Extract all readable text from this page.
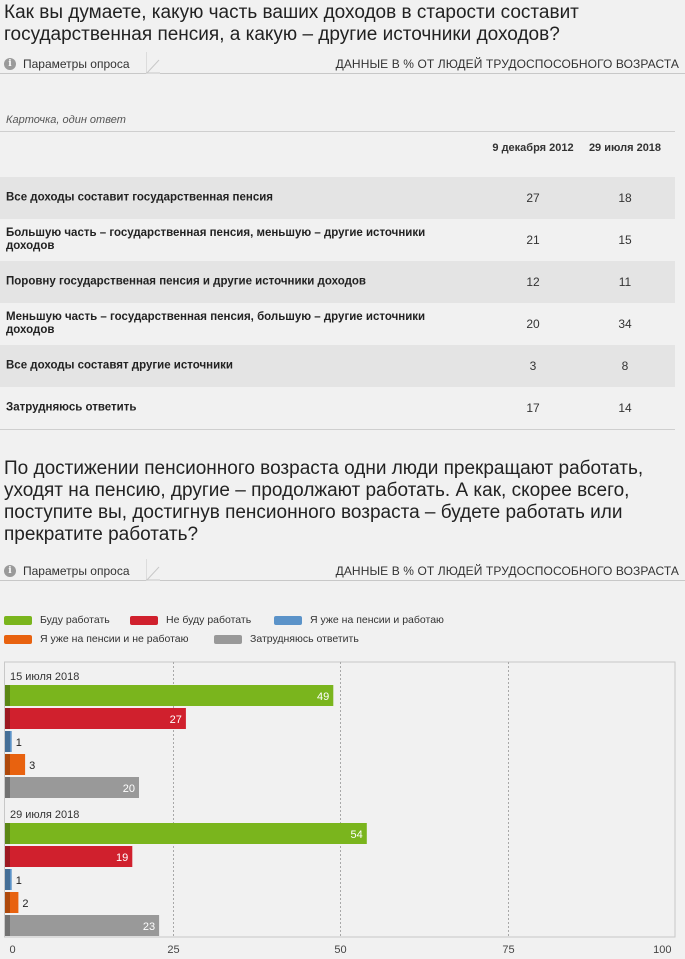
Как вы думаете, какую часть ваших доходов в старости составит государственная пенсия, а какую – другие источники доходов?
i Параметры опроса	ДАННЫЕ В % ОТ ЛЮДЕЙ ТРУДОСПОСОБНОГО ВОЗРАСТА
Карточка, один ответ
9 декабря 2012	29 июля 2018
Все доходы составит государственная пенсия	27	18
Большую часть – государственная пенсия, меньшую – другие источники доходов	21	15
Поровну государственная пенсия и другие источники доходов	12	11
Меньшую часть – государственная пенсия, большую – другие источники доходов	20	34
Все доходы составят другие источники	3	8
Затрудняюсь ответить	17	14
По достижении пенсионного возраста одни люди прекращают работать, уходят на пенсию, другие – продолжают работать. А как, скорее всего, поступите вы, достигнув пенсионного возраста – будете работать или прекратите работать?
i Параметры опроса	ДАННЫЕ В % ОТ ЛЮДЕЙ ТРУДОСПОСОБНОГО ВОЗРАСТА
Буду работать	Не буду работать	Я уже на пенсии и работаю
Я уже на пенсии и не работаю	Затрудняюсь ответить
0	25	50	75	100
15 июля 2018
49
27
1
3
20
29 июля 2018
54
19
1
2
23
